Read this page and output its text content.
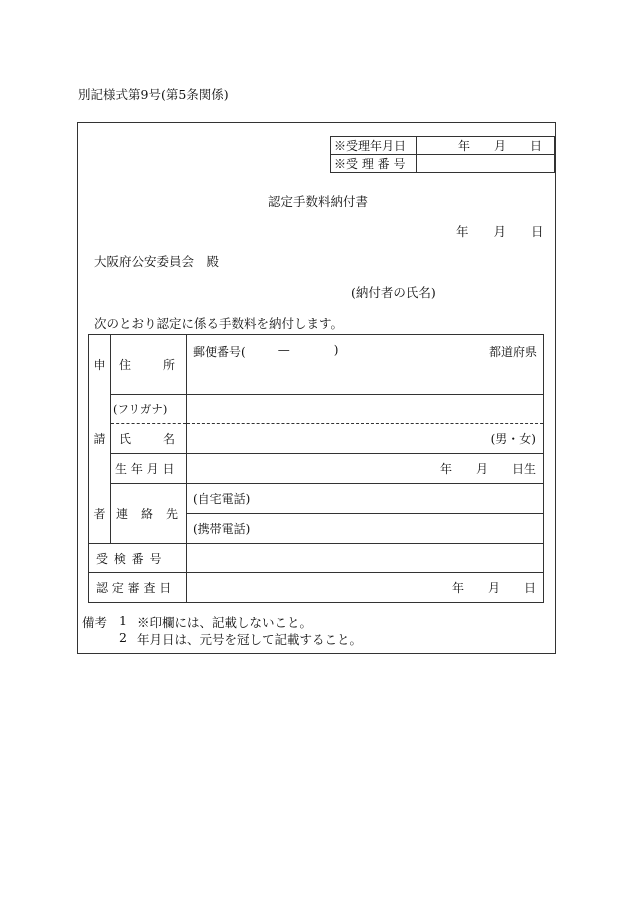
別記様式第9号(第5条関係)
※受理年月日	年　　月　　日
※受 理 番 号	
認定手数料納付書
年　　月　　日
大阪府公安委員会　殿
(納付者の氏名)
次のとおり認定に係る手数料を納付します。
申	住 所	郵便番号( — ) 都道府県

	(フリガナ)	
請	氏 名	(男・女)
	生 年 月 日	年　　月　　日生
者	連 絡 先	(自宅電話)
		(携帯電話)
受 検 番 号		
認 定 審 査 日		年　　月　　日
備考 1 ※印欄には、記載しないこと。
2 年月日は、元号を冠して記載すること。
